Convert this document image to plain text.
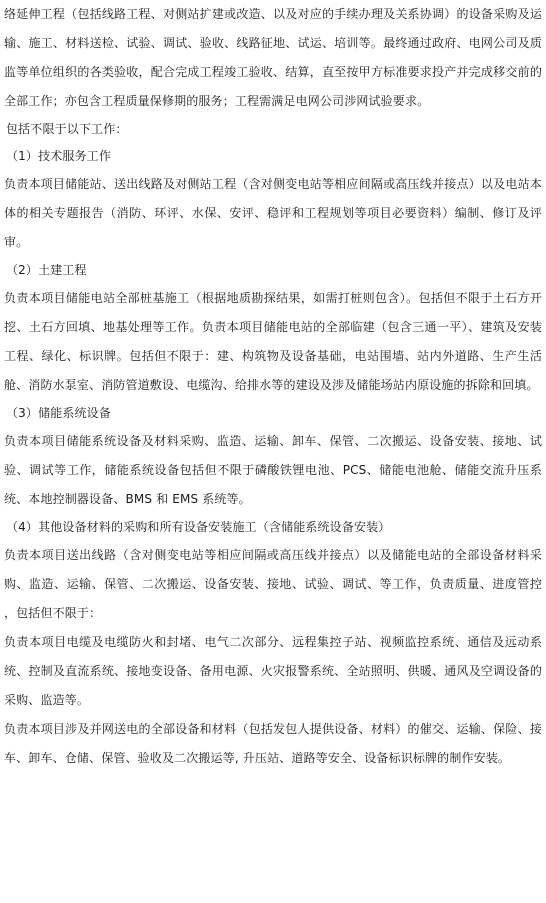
络延伸工程（包括线路工程、对侧站扩建或改造、以及对应的手续办理及关系协调）的设备采购及运输、施工、材料送检、试验、调试、验收、线路征地、试运、培训等。最终通过政府、电网公司及质监等单位组织的各类验收，配合完成工程竣工验收、结算，直至按甲方标准要求投产并完成移交前的全部工作；亦包含工程质量保修期的服务；工程需满足电网公司涉网试验要求。

包括不限于以下工作：

（1）技术服务工作

负责本项目储能站、送出线路及对侧站工程（含对侧变电站等相应间隔或高压线并接点）以及电站本体的相关专题报告（消防、环评、水保、安评、稳评和工程规划等项目必要资料）编制、修订及评审。

（2）土建工程

负责本项目储能电站全部桩基施工（根据地质勘探结果，如需打桩则包含）。包括但不限于土石方开挖、土石方回填、地基处理等工作。负责本项目储能电站的全部临建（包含三通一平）、建筑及安装工程、绿化、标识牌。包括但不限于：建、构筑物及设备基础，电站围墙、站内外道路、生产生活舱、消防水泵室、消防管道敷设、电缆沟、给排水等的建设及涉及储能场站内原设施的拆除和回填。

（3）储能系统设备

负责本项目储能系统设备及材料采购、监造、运输、卸车、保管、二次搬运、设备安装、接地、试验、调试等工作，储能系统设备包括但不限于磷酸铁锂电池、PCS、储能电池舱、储能交流升压系统、本地控制器设备、BMS 和 EMS 系统等。

（4）其他设备材料的采购和所有设备安装施工（含储能系统设备安装）

负责本项目送出线路（含对侧变电站等相应间隔或高压线并接点）以及储能电站的全部设备材料采购、监造、运输、保管、二次搬运、设备安装、接地、试验、调试、等工作，负责质量、进度管控 ，包括但不限于：

负责本项目电缆及电缆防火和封堵、电气二次部分、远程集控子站、视频监控系统、通信及远动系统、控制及直流系统、接地变设备、备用电源、火灾报警系统、全站照明、供暖、通风及空调设备的采购、监造等。

负责本项目涉及并网送电的全部设备和材料（包括发包人提供设备、材料）的催交、运输、保险、接车、卸车、仓储、保管、验收及二次搬运等, 升压站、道路等安全、设备标识标牌的制作安装。
